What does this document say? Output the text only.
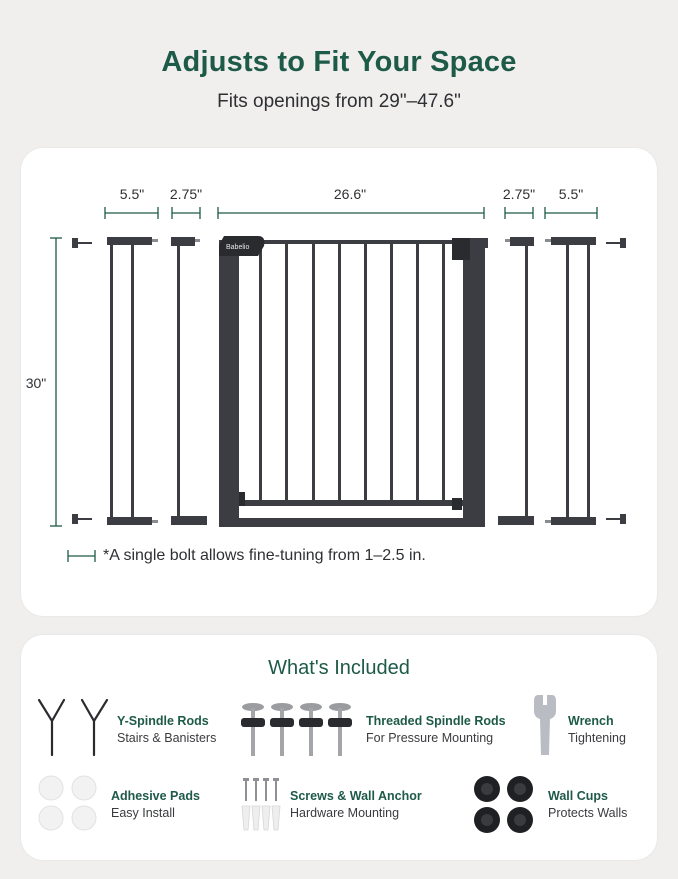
Adjusts to Fit Your Space
Fits openings from 29"–47.6"
Babelio
5.5"	2.75"	26.6"	2.75"	5.5"
30"
*A single bolt allows fine-tuning from 1–2.5 in.
What's Included
Y-Spindle Rods
Stairs & Banisters
Threaded Spindle Rods
For Pressure Mounting
Wrench
Tightening
Adhesive Pads
Easy Install
Screws & Wall Anchor
Hardware Mounting
Wall Cups
Protects Walls
